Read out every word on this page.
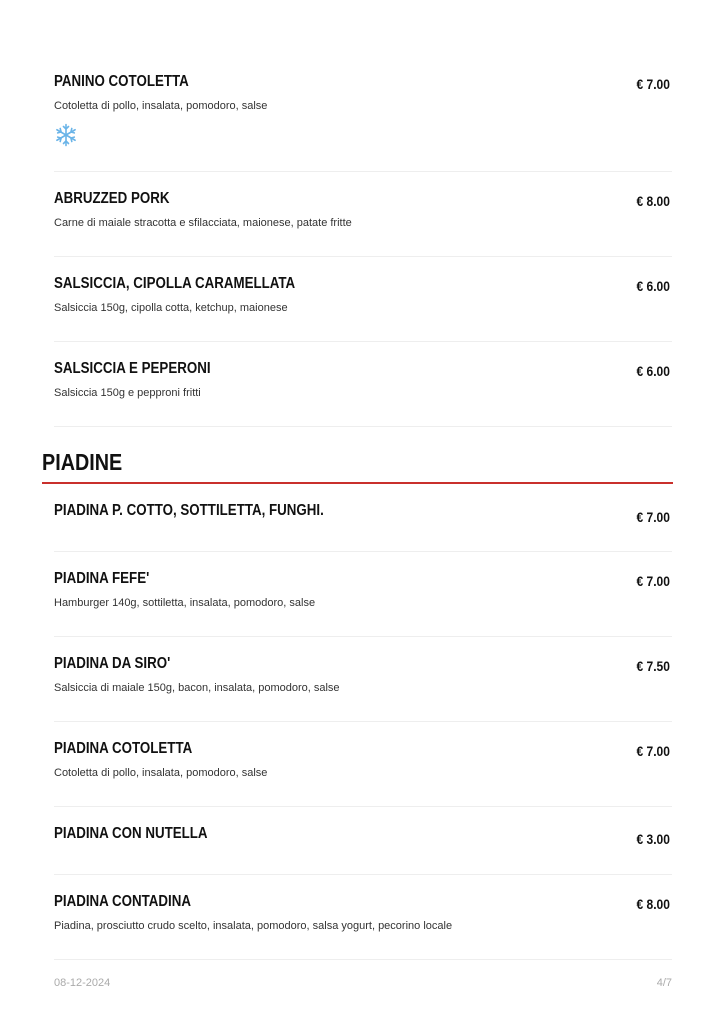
PANINO COTOLETTA	€ 7.00
Cotoletta di pollo, insalata, pomodoro, salse
ABRUZZED PORK	€ 8.00
Carne di maiale stracotta e sfilacciata, maionese, patate fritte
SALSICCIA, CIPOLLA CARAMELLATA	€ 6.00
Salsiccia 150g, cipolla cotta, ketchup, maionese
SALSICCIA E PEPERONI	€ 6.00
Salsiccia 150g e pepproni fritti
PIADINE
PIADINA P. COTTO, SOTTILETTA, FUNGHI.	€ 7.00
PIADINA FEFE'	€ 7.00
Hamburger 140g, sottiletta, insalata, pomodoro, salse
PIADINA DA SIRO'	€ 7.50
Salsiccia di maiale 150g, bacon, insalata, pomodoro, salse
PIADINA COTOLETTA	€ 7.00
Cotoletta di pollo, insalata, pomodoro, salse
PIADINA CON NUTELLA	€ 3.00
PIADINA CONTADINA	€ 8.00
Piadina, prosciutto crudo scelto, insalata, pomodoro, salsa yogurt, pecorino locale
08-12-2024	4/7
